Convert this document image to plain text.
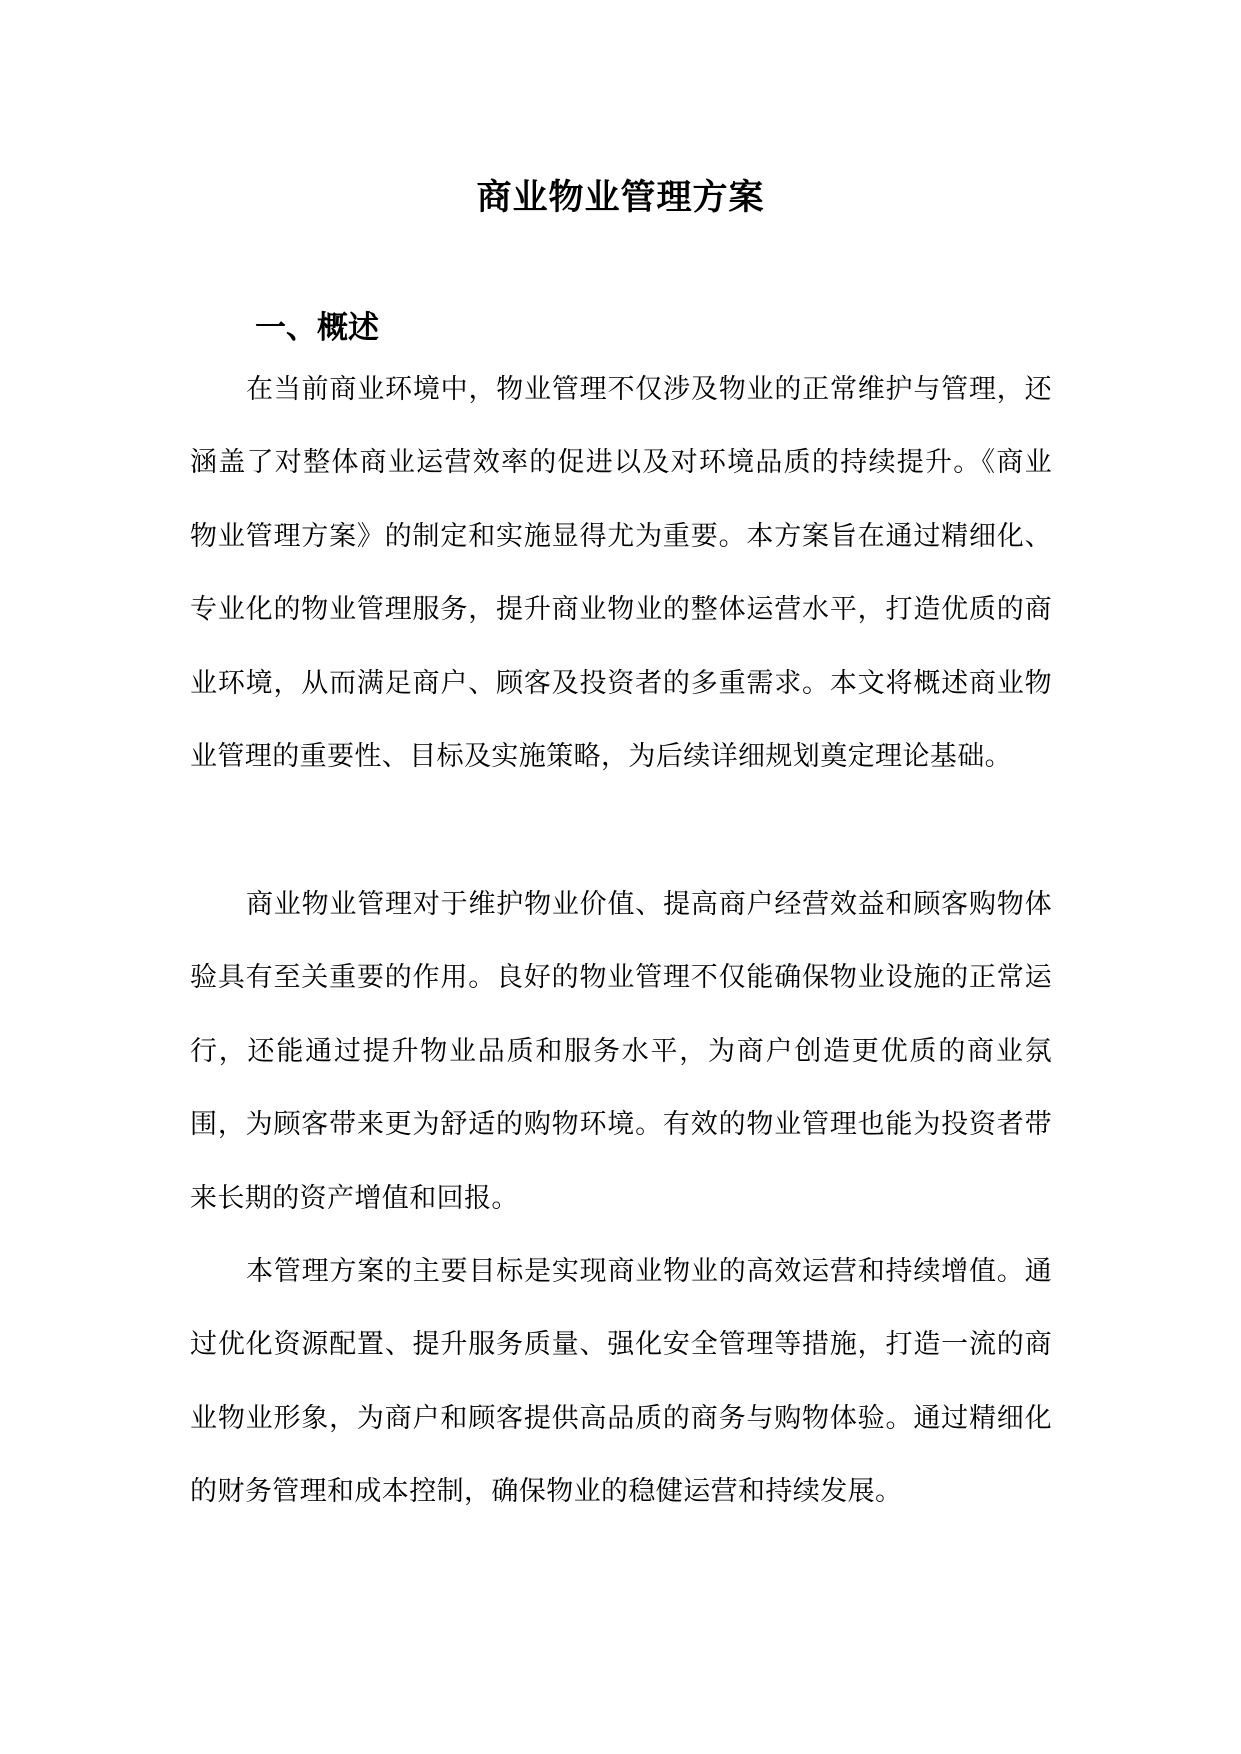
商业物业管理方案
一、概述

在当前商业环境中，物业管理不仅涉及物业的正常维护与管理，还涵盖了对整体商业运营效率的促进以及对环境品质的持续提升。《商业物业管理方案》的制定和实施显得尤为重要。本方案旨在通过精细化、专业化的物业管理服务，提升商业物业的整体运营水平，打造优质的商业环境，从而满足商户、顾客及投资者的多重需求。本文将概述商业物业管理的重要性、目标及实施策略，为后续详细规划奠定理论基础。

商业物业管理对于维护物业价值、提高商户经营效益和顾客购物体验具有至关重要的作用。良好的物业管理不仅能确保物业设施的正常运行，还能通过提升物业品质和服务水平，为商户创造更优质的商业氛围，为顾客带来更为舒适的购物环境。有效的物业管理也能为投资者带来长期的资产增值和回报。

本管理方案的主要目标是实现商业物业的高效运营和持续增值。通过优化资源配置、提升服务质量、强化安全管理等措施，打造一流的商业物业形象，为商户和顾客提供高品质的商务与购物体验。通过精细化的财务管理和成本控制，确保物业的稳健运营和持续发展。
